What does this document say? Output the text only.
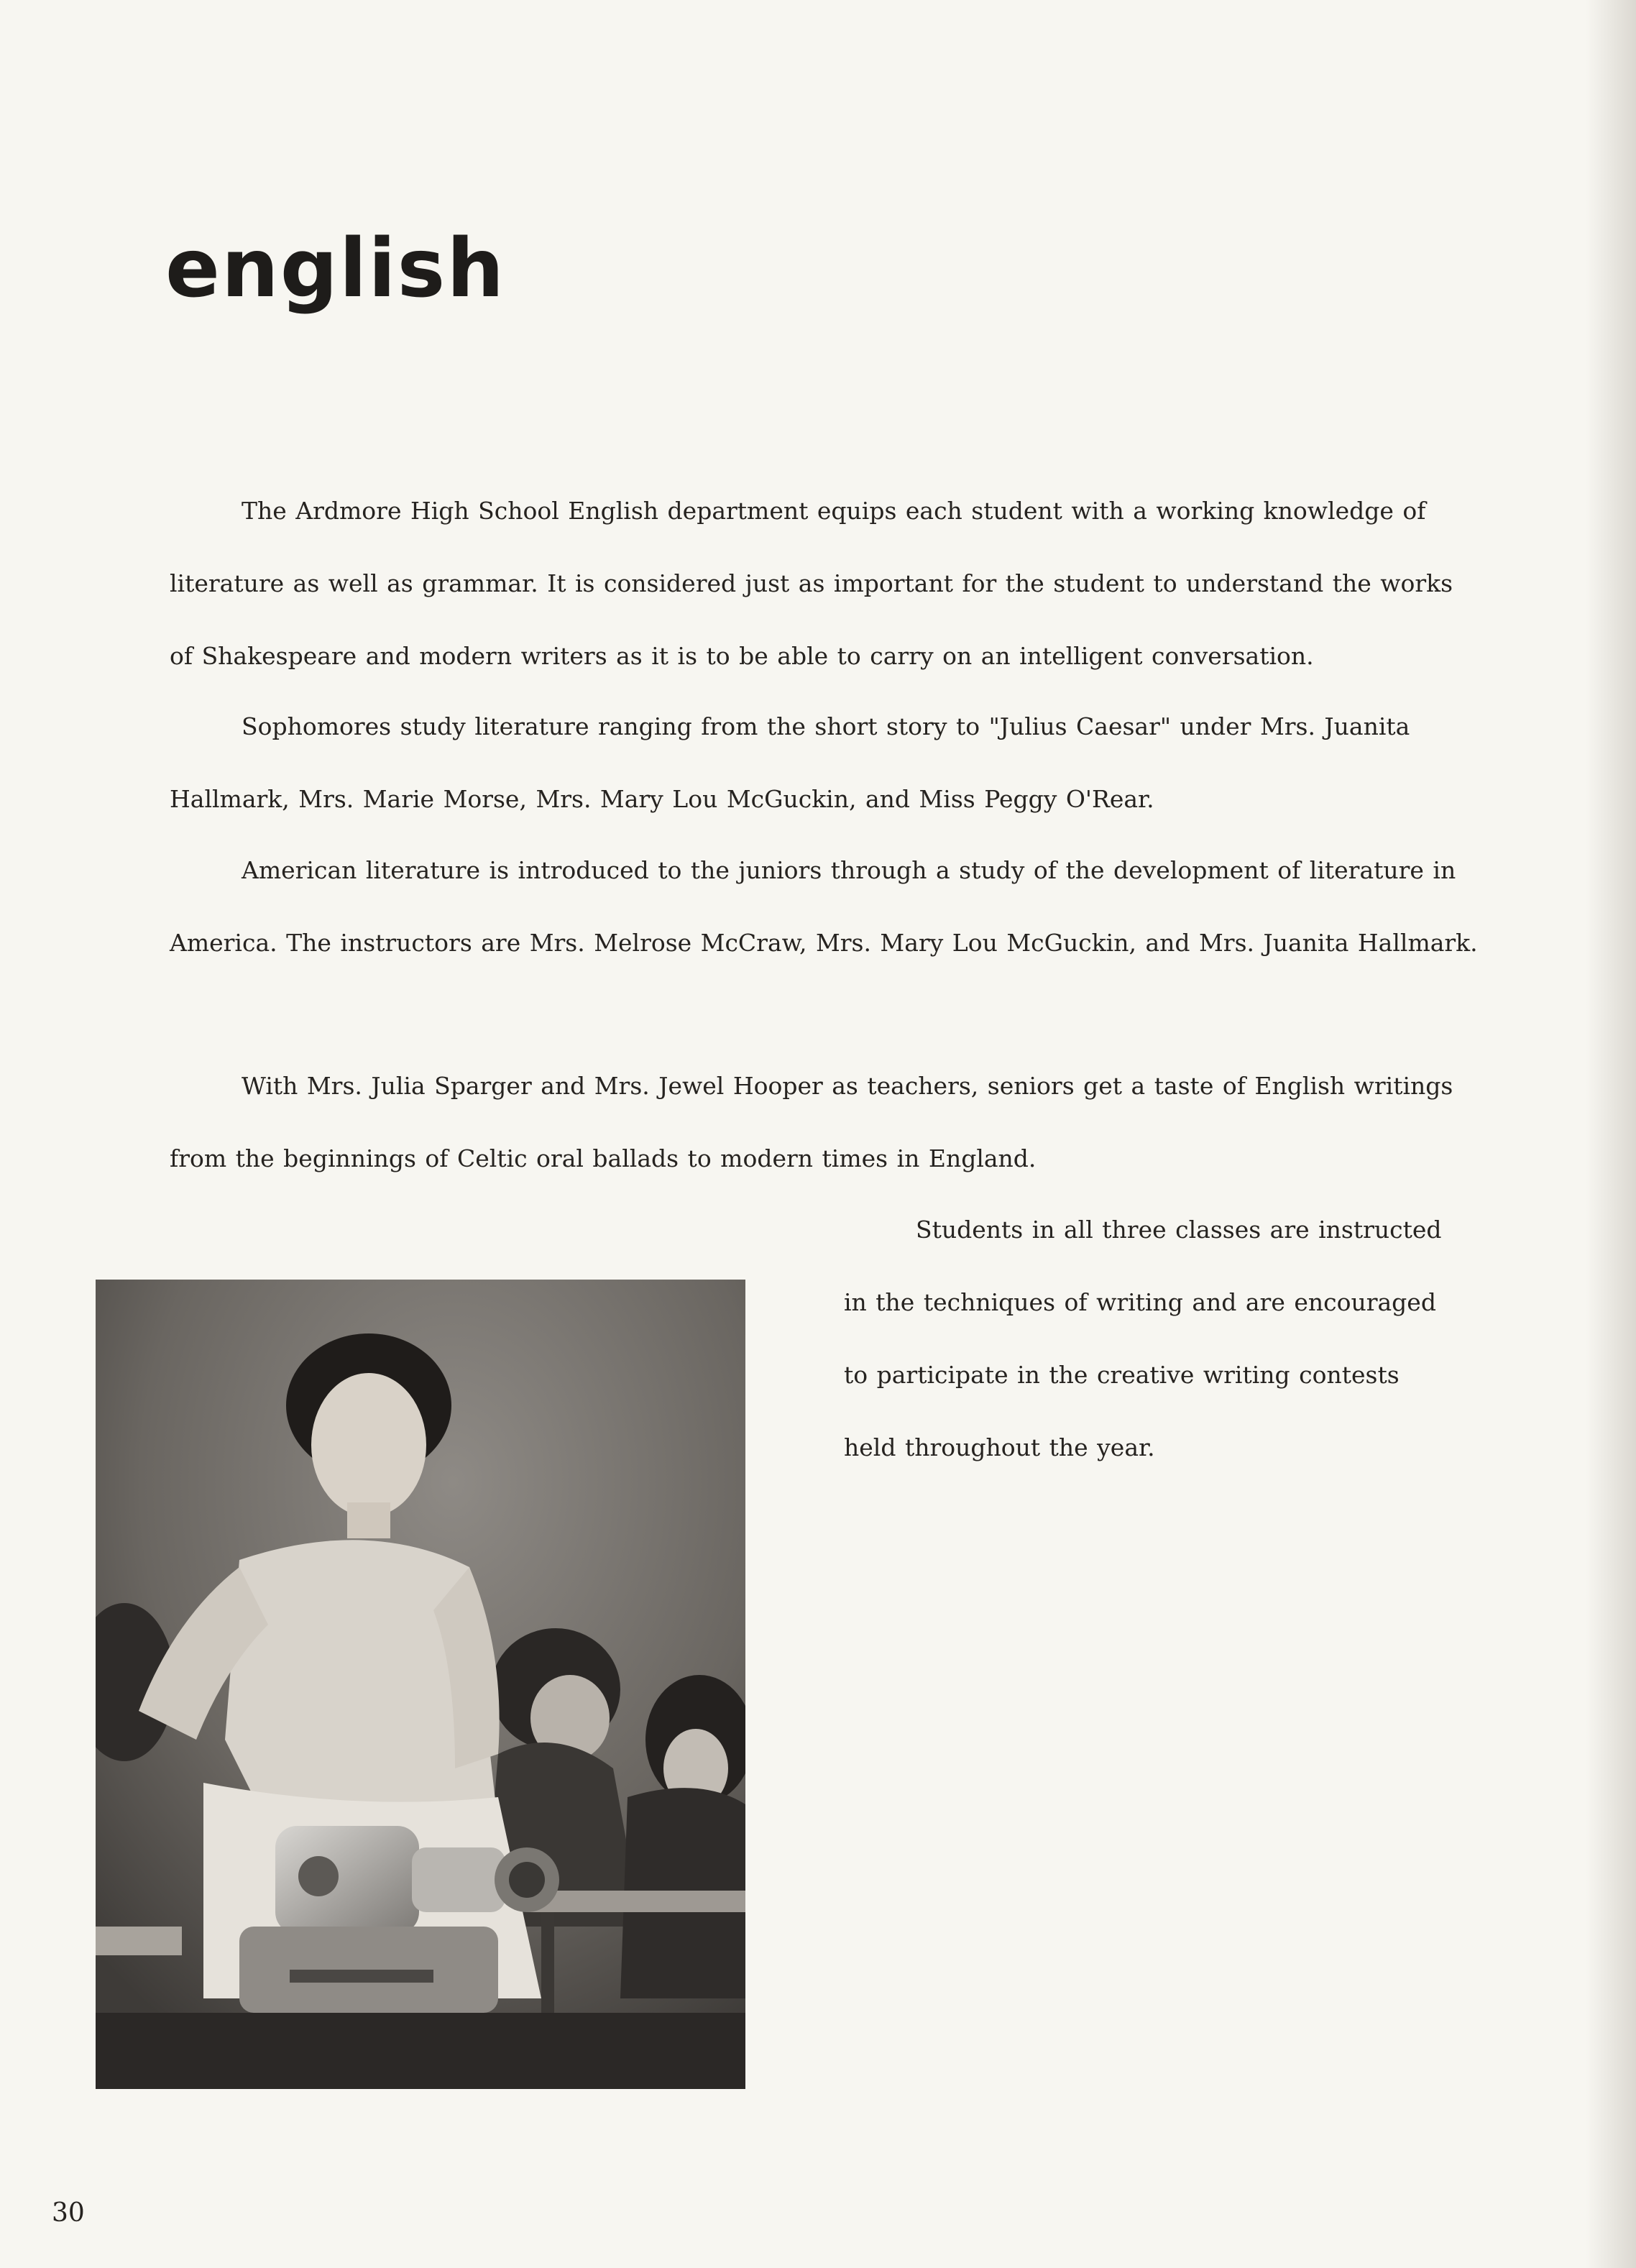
english

The Ardmore High School English department equips each student with a working knowledge of literature as well as grammar. It is considered just as important for the student to understand the works of Shakespeare and modern writers as it is to be able to carry on an intelligent conversation.

Sophomores study literature ranging from the short story to "Julius Caesar" under Mrs. Juanita Hallmark, Mrs. Marie Morse, Mrs. Mary Lou McGuckin, and Miss Peggy O'Rear.

American literature is introduced to the juniors through a study of the development of literature in America. The instructors are Mrs. Melrose McCraw, Mrs. Mary Lou McGuckin, and Mrs. Juanita Hallmark.

With Mrs. Julia Sparger and Mrs. Jewel Hooper as teachers, seniors get a taste of English writings from the beginnings of Celtic oral ballads to modern times in England.

Students in all three classes are instructed in the techniques of writing and are encouraged to participate in the creative writing contests held throughout the year.

30
